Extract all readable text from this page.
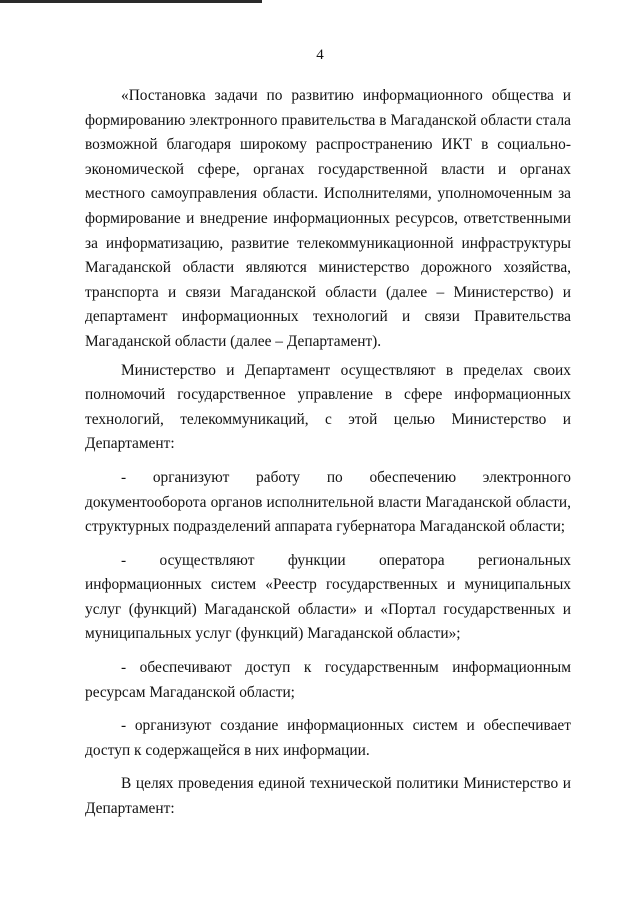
4

«Постановка задачи по развитию информационного общества и формированию электронного правительства в Магаданской области стала возможной благодаря широкому распространению ИКТ в социально-экономической сфере, органах государственной власти и органах местного самоуправления области. Исполнителями, уполномоченным за формирование и внедрение информационных ресурсов, ответственными за информатизацию, развитие телекоммуникационной инфраструктуры Магаданской области являются министерство дорожного хозяйства, транспорта и связи Магаданской области (далее – Министерство) и департамент информационных технологий и связи Правительства Магаданской области (далее – Департамент).

Министерство и Департамент осуществляют в пределах своих полномочий государственное управление в сфере информационных технологий, телекоммуникаций, с этой целью Министерство и Департамент:

- организуют работу по обеспечению электронного документооборота органов исполнительной власти Магаданской области, структурных подразделений аппарата губернатора Магаданской области;

- осуществляют функции оператора региональных информационных систем «Реестр государственных и муниципальных услуг (функций) Магаданской области» и «Портал государственных и муниципальных услуг (функций) Магаданской области»;

- обеспечивают доступ к государственным информационным ресурсам Магаданской области;

- организуют создание информационных систем и обеспечивает доступ к содержащейся в них информации.

В целях проведения единой технической политики Министерство и Департамент:
